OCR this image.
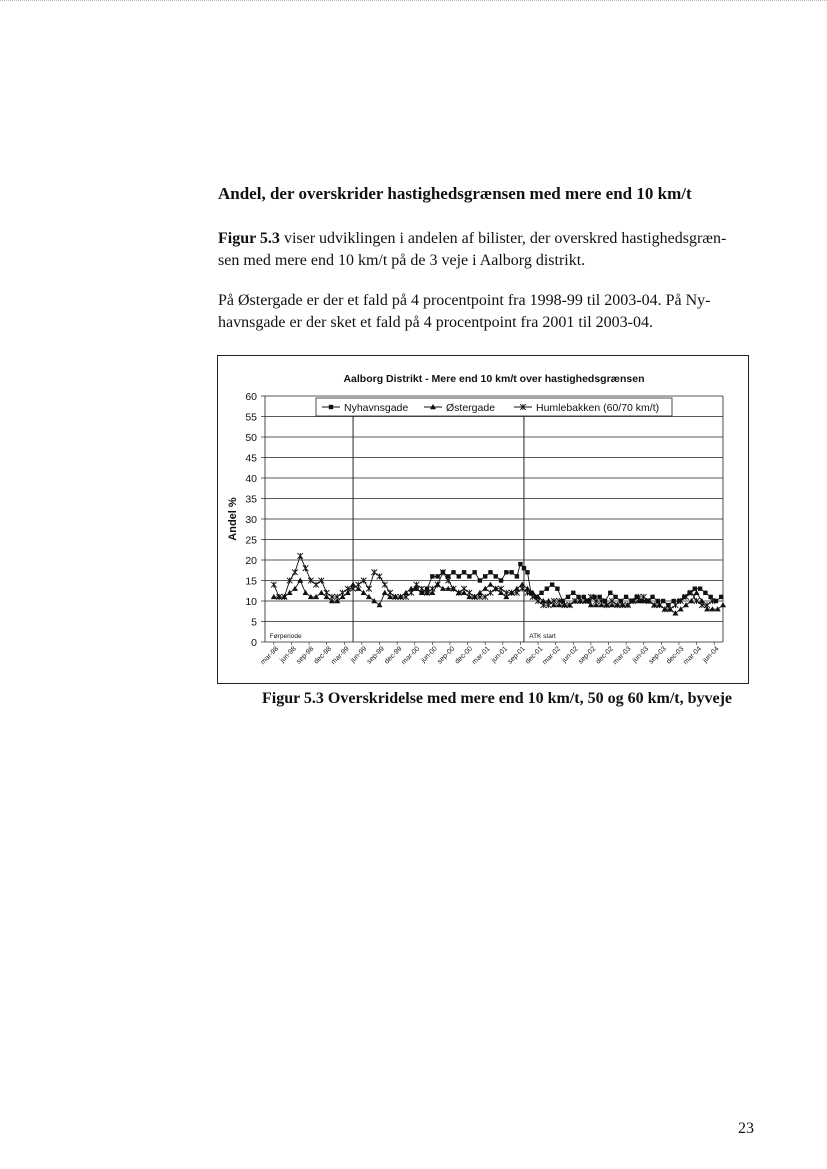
Andel, der overskrider hastighedsgrænsen med mere end 10 km/t
Figur 5.3 viser udviklingen i andelen af bilister, der overskred hastighedsgræn-
sen med mere end 10 km/t på de 3 veje i Aalborg distrikt.
På Østergade er der et fald på 4 procentpoint fra 1998-99 til 2003-04. På Ny-
havnsgade er der sket et fald på 4 procentpoint fra 2001 til 2003-04.
Aalborg Distrikt - Mere end 10 km/t over hastighedsgrænsen
0
5
10
15
20
25
30
35
40
45
50
55
60
Andel %
Førperiode	ATK start
mar-98
jun-98
sep-98
dec-98
mar-99
jun-99
sep-99
dec-99
mar-00
jun-00
sep-00
dec-00
mar-01
jun-01
sep-01
dec-01
mar-02
jun-02
sep-02
dec-02
mar-03
jun-03
sep-03
dec-03
mar-04
jun-04
Nyhavnsgade	Østergade	Humlebakken (60/70 km/t)
Figur 5.3 Overskridelse med mere end 10 km/t, 50 og 60 km/t, byveje
23
